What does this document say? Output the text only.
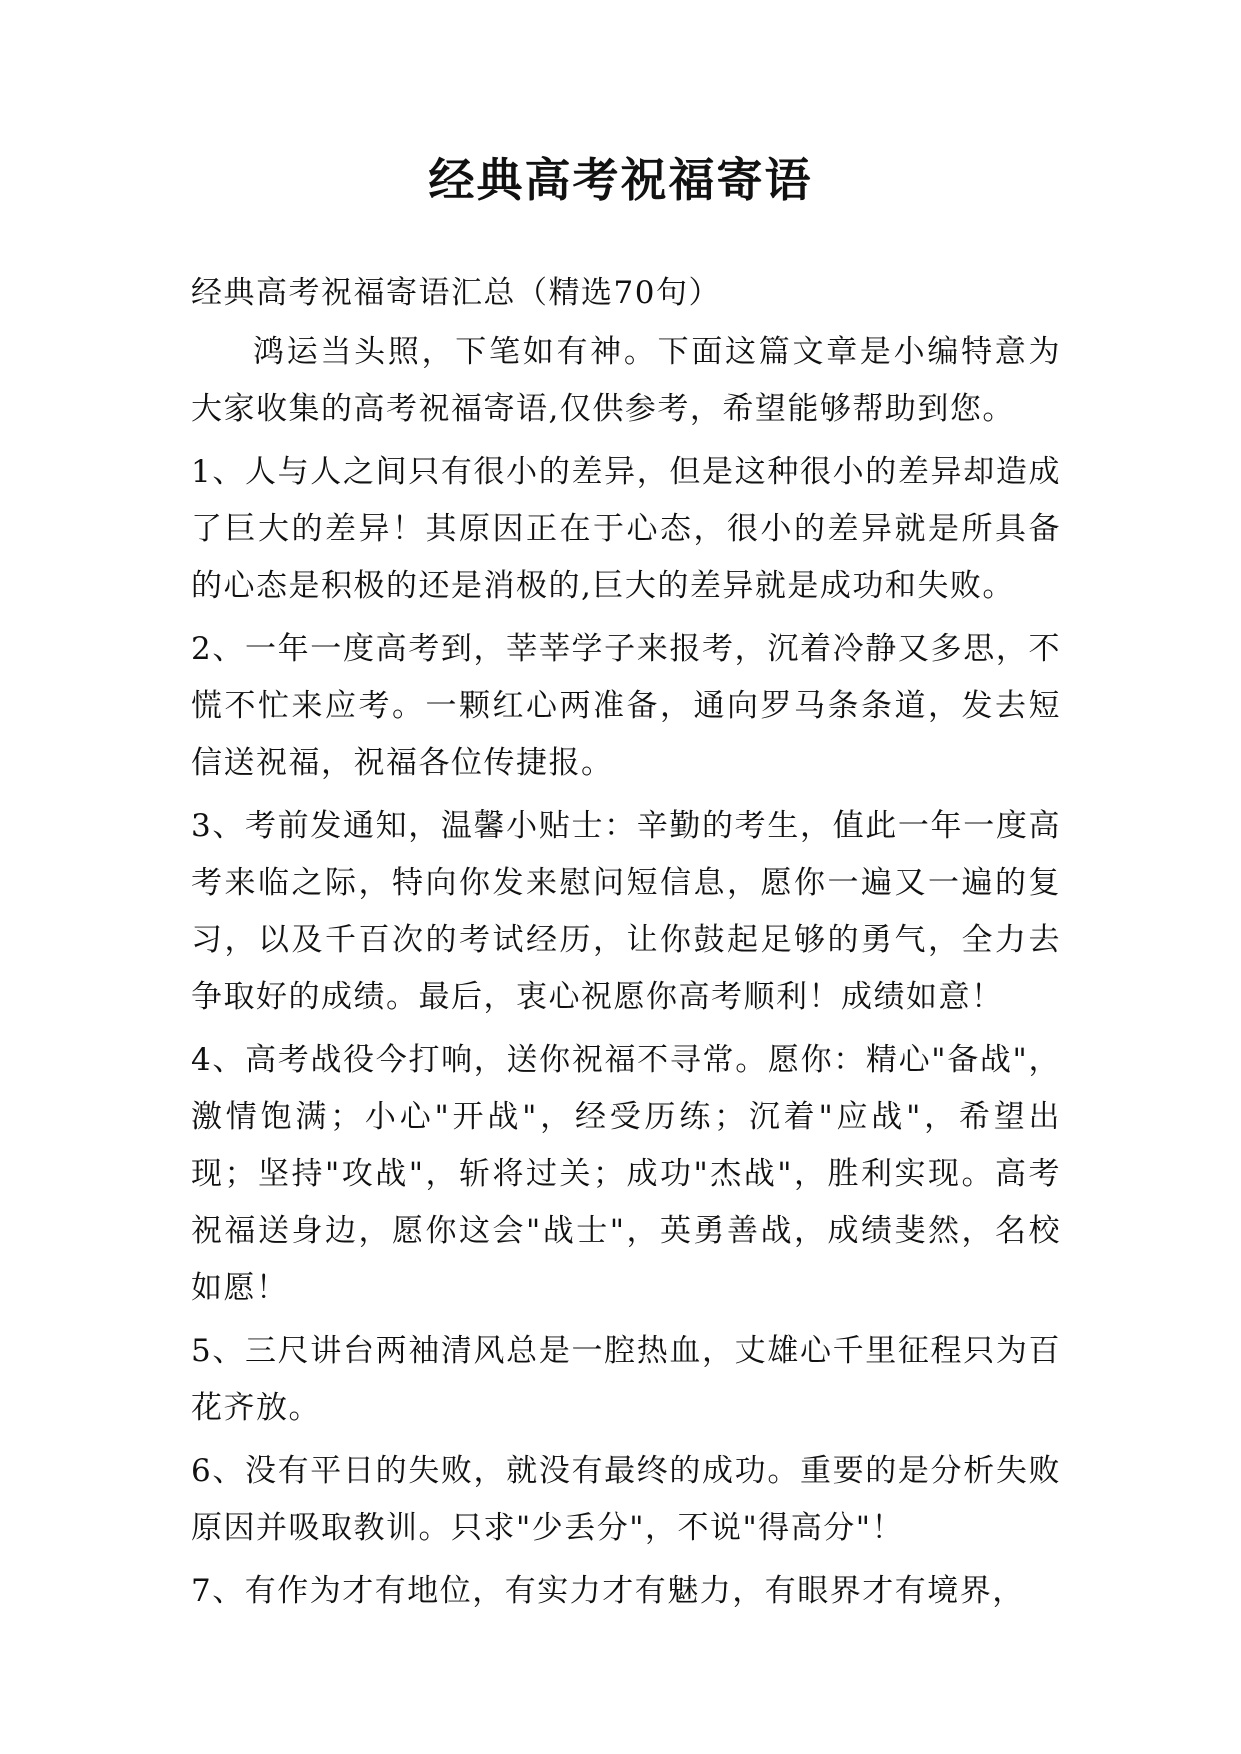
经典高考祝福寄语

经典高考祝福寄语汇总（精选70句）

鸿运当头照，下笔如有神。下面这篇文章是小编特意为大家收集的高考祝福寄语,仅供参考，希望能够帮助到您。

1、人与人之间只有很小的差异，但是这种很小的差异却造成了巨大的差异！其原因正在于心态，很小的差异就是所具备的心态是积极的还是消极的,巨大的差异就是成功和失败。

2、一年一度高考到，莘莘学子来报考，沉着冷静又多思，不慌不忙来应考。一颗红心两准备，通向罗马条条道，发去短信送祝福，祝福各位传捷报。

3、考前发通知，温馨小贴士：辛勤的考生，值此一年一度高考来临之际，特向你发来慰问短信息，愿你一遍又一遍的复习，以及千百次的考试经历，让你鼓起足够的勇气，全力去争取好的成绩。最后，衷心祝愿你高考顺利！成绩如意！

4、高考战役今打响，送你祝福不寻常。愿你：精心"备战"，激情饱满；小心"开战"，经受历练；沉着"应战"，希望出现；坚持"攻战"，斩将过关；成功"杰战"，胜利实现。高考祝福送身边，愿你这会"战士"，英勇善战，成绩斐然，名校如愿！

5、三尺讲台两袖清风总是一腔热血，丈雄心千里征程只为百花齐放。

6、没有平日的失败，就没有最终的成功。重要的是分析失败原因并吸取教训。只求"少丢分"，不说"得高分"！

7、有作为才有地位，有实力才有魅力，有眼界才有境界，
